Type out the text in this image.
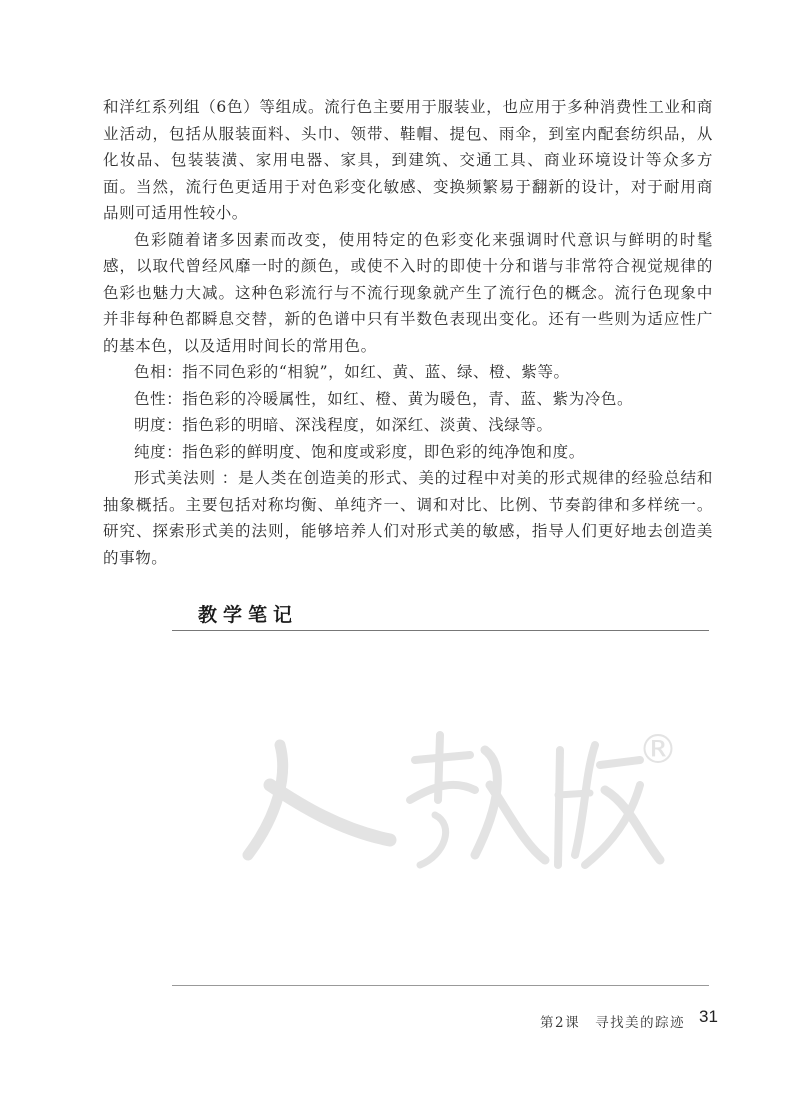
和洋红系列组（6色）等组成。流行色主要用于服装业，也应用于多种消费性工业和商业活动，包括从服装面料、头巾、领带、鞋帽、提包、雨伞，到室内配套纺织品，从化妆品、包装装潢、家用电器、家具，到建筑、交通工具、商业环境设计等众多方面。当然，流行色更适用于对色彩变化敏感、变换频繁易于翻新的设计，对于耐用商品则可适用性较小。

色彩随着诸多因素而改变，使用特定的色彩变化来强调时代意识与鲜明的时髦感，以取代曾经风靡一时的颜色，或使不入时的即使十分和谐与非常符合视觉规律的色彩也魅力大减。这种色彩流行与不流行现象就产生了流行色的概念。流行色现象中并非每种色都瞬息交替，新的色谱中只有半数色表现出变化。还有一些则为适应性广的基本色，以及适用时间长的常用色。

色相：指不同色彩的“相貌”，如红、黄、蓝、绿、橙、紫等。

色性：指色彩的冷暖属性，如红、橙、黄为暖色，青、蓝、紫为冷色。

明度：指色彩的明暗、深浅程度，如深红、淡黄、浅绿等。

纯度：指色彩的鲜明度、饱和度或彩度，即色彩的纯净饱和度。

形式美法则 ：是人类在创造美的形式、美的过程中对美的形式规律的经验总结和抽象概括。主要包括对称均衡、单纯齐一、调和对比、比例、节奏韵律和多样统一。研究、探索形式美的法则，能够培养人们对形式美的敏感，指导人们更好地去创造美的事物。

教学笔记
®
第2课　寻找美的踪迹 31
